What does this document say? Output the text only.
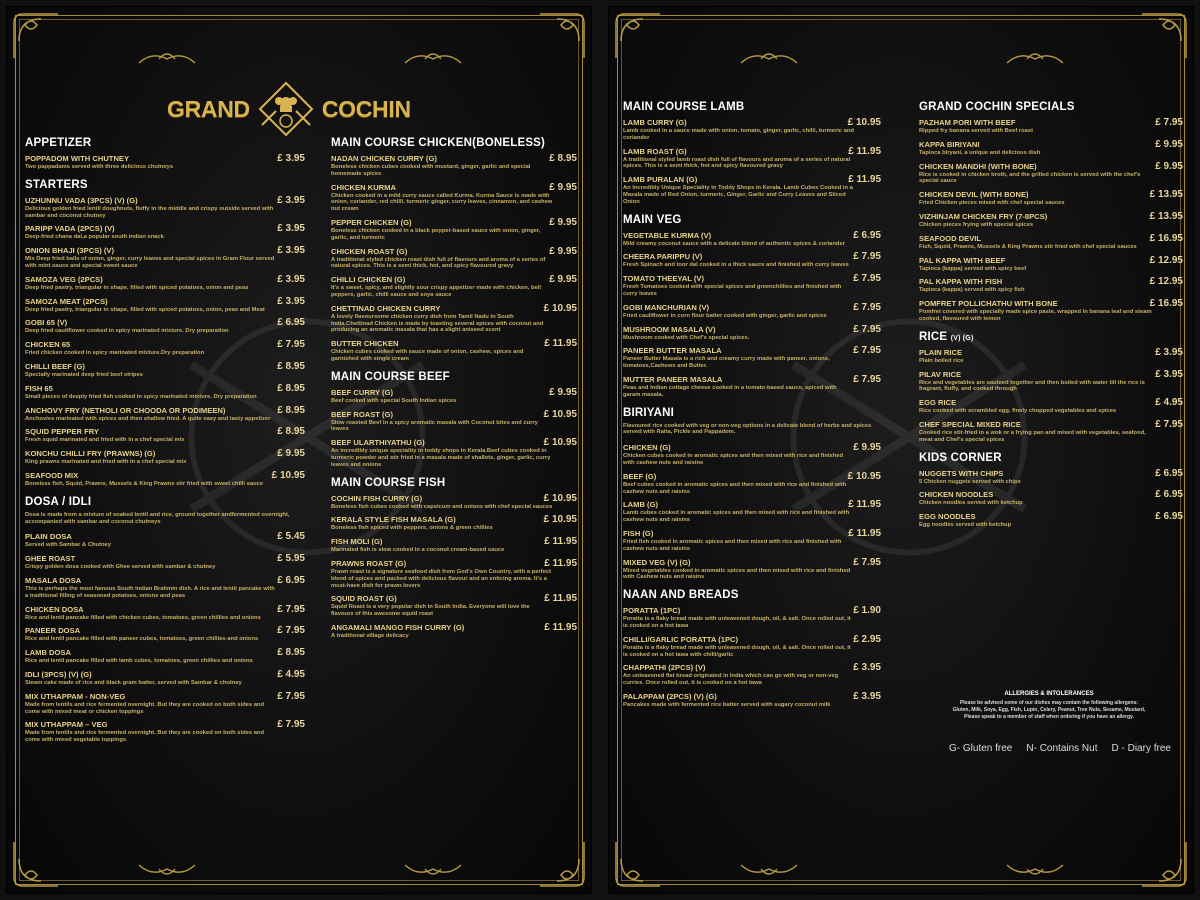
GRAND	COCHIN
APPETIZER
POPPADOM WITH CHUTNEY	£ 3.95
Two pappadams served with three delicious chutneys
STARTERS
UZHUNNU VADA (3PCS) (V) (G)	£ 3.95
Delicious golden fried lentil doughnuts, fluffy in the middle and crispy outside served with sambar and coconut chutney
PARIPP VADA (2PCS) (V)	£ 3.95
Deep-fried chana dal,a popular south indian snack
ONION BHAJI (3PCS) (V)	£ 3.95
Mix Deep fried balls of onion, ginger, curry leaves and special spices in Gram Flour served with mint sauce and special sweet sauce
SAMOZA VEG (2PCS)	£ 3.95
Deep fried pastry, triangular in shape, filled with spiced potatoes, onion and peas
SAMOZA MEAT (2PCS)	£ 3.95
Deep fried pastry, triangular in shape, filled with spiced potatoes, onion, peas and Meat
GOBI 65 (V)	£ 6.95
Deep fried cauliflower cooked in spicy marinated mixture. Dry preparation
CHICKEN 65	£ 7.95
Fried chicken cooked in spicy marinated mixture.Dry preparation
CHILLI BEEF (G)	£ 8.95
Specially marinated deep fried beef stripes
FISH 65	£ 8.95
Small pieces of deeply fried fish cooked in spicy marinated mixture. Dry preparation
ANCHOVY FRY (NETHOLI OR CHOODA OR PODIMEEN)	£ 8.95
Anchovies marinated with spices and then shallow fried. A quite easy and tasty appetizer
SQUID PEPPER FRY	£ 8.95
Fresh squid marinated and fried with in a chef special mix
KONCHU CHILLI FRY (PRAWNS) (G)	£ 9.95
King prawns marinated and fried with in a chef special mix
SEAFOOD MIX	£ 10.95
Boneless fish, Squid, Prawns, Mussels & King Prawns stir fried with sweet chilli sauce
DOSA / IDLI
Dosa is made from a mixture of soaked lentil and rice, ground together andfermented overnight, accompanied with sambar and coconut chutneys
PLAIN DOSA	£ 5.45
Served with Sambar & Chutney
GHEE ROAST	£ 5.95
Crispy golden dosa cooked with Ghee served with sambar & chutney
MASALA DOSA	£ 6.95
This is perhaps the most famous South Indian Brahmin dish. A rice and lentil pancake with a traditional filling of seasoned potatoes, onions and peas
CHICKEN DOSA	£ 7.95
Rice and lentil pancake filled with chicken cubes, tomatoes, green chillies and onions
PANEER DOSA	£ 7.95
Rice and lentil pancake filled with paneer cubes, tomatoes, green chillies and onions
LAMB DOSA	£ 8.95
Rice and lentil pancake filled with lamb cubes, tomatoes, green chillies and onions
IDLI (3PCS) (V) (G)	£ 4.95
Steam cake made of rice and black gram batter, served with Sambar & chutney
MIX UTHAPPAM - NON-VEG	£ 7.95
Made from lentils and rice fermented overnight. But they are cooked on both sides and come with mixed meat or chicken toppings
MIX UTHAPPAM – VEG	£ 7.95
Made from lentils and rice fermented overnight. But they are cooked on both sides and come with mixed vegetable toppings
MAIN COURSE CHICKEN(BONELESS)
NADAN CHICKEN CURRY (G)	£ 8.95
Boneless chicken cubes cooked with mustard, ginger, garlic and special homemade spices
CHICKEN KURMA	£ 9.95
Chicken cooked in a mild curry sauce called Kurma. Kurma Sauce is made with onion, coriander, red chilli, turmeric ginger, curry leaves, cinnamon, and cashew nut cream
PEPPER CHICKEN (G)	£ 9.95
Boneless chicken cooked in a black pepper-based sauce with onion, ginger, garlic, and turmeric
CHICKEN ROAST (G)	£ 9.95
A traditional styled chicken roast dish full of flavours and aroma of a series of natural spices. This is a semi thick, hot, and spicy flavoured gravy
CHILLI CHICKEN (G)	£ 9.95
It's a sweet, spicy, and slightly sour crispy appetizer made with chicken, bell peppers, garlic, chilli sauce and soya sauce
CHETTINAD CHICKEN CURRY	£ 10.95
A lovely flavoursome chicken curry dish from Tamil Nadu in South India.Chettinad Chicken is made by toasting several spices with coconut and producing an aromatic masala that has a slight aniseed scent
BUTTER CHICKEN	£ 11.95
Chicken cubes cooked with sauce made of onion, cashew, spices and garnished with single cream
MAIN COURSE BEEF
BEEF CURRY (G)	£ 9.95
Beef cooked with special South Indian spices
BEEF ROAST (G)	£ 10.95
Slow roasted Beef in a spicy aromatic masala with Coconut bites and curry leaves
BEEF ULARTHIYATHU (G)	£ 10.95
An incredibly unique speciality in toddy shops in Kerala.Beef cubes cooked in turmeric powder and stir fried in a masala made of shallots, ginger, garlic, curry leaves and onions
MAIN COURSE FISH
COCHIN FISH CURRY (G)	£ 10.95
Boneless fish cubes cooked with capsicum and onions with chef special sauces
KERALA STYLE FISH MASALA (G)	£ 10.95
Boneless fish spiced with peppers, onions & green chillies
FISH MOLI (G)	£ 11.95
Marinated fish is slow cooked in a coconut cream-based sauce
PRAWNS ROAST (G)	£ 11.95
Prawn roast is a signature seafood dish from God's Own Country, with a perfect blend of spices and packed with delicious flavour and an enticing aroma. It's a must-have dish for prawn lovers
SQUID ROAST (G)	£ 11.95
Squid Roast is a very popular dish in South India. Everyone will love the flavours of this awesome squid roast
ANGAMALI MANGO FISH CURRY (G)	£ 11.95
A traditional village delicacy
MAIN COURSE LAMB
LAMB CURRY (G)	£ 10.95
Lamb cooked in a sauce made with onion, tomato, ginger, garlic, chilli, turmeric and coriander
LAMB ROAST (G)	£ 11.95
A traditional styled lamb roast dish full of flavours and aroma of a series of natural spices. This is a semi thick, hot and spicy flavoured gravy
LAMB PURALAN (G)	£ 11.95
An Incredibly Unique Speciality in Toddy Shops in Kerala. Lamb Cubes Cooked in a Masala made of Red Onion, turmeric, Ginger, Garlic and Curry Leaves and Sliced Onion
MAIN VEG
VEGETABLE KURMA (V)	£ 6.95
Mild creamy coconut sauce with a delicate blend of authentic spices & coriander
CHEERA PARIPPU (V)	£ 7.95
Fresh Spinach and toor dal cooked in a thick sauce and finished with curry leaves
TOMATO THEEYAL (V)	£ 7.95
Fresh Tomatoes cooked with special spices and greenchillies and finished with curry leaves
GOBI MANCHURIAN (V)	£ 7.95
Fried cauliflower in corn flour batter cooked with ginger, garlic and spices
MUSHROOM MASALA (V)	£ 7.95
Mushroom cooked with Chef's special spices.
PANEER BUTTER MASALA	£ 7.95
Paneer Butter Masala is a rich and creamy curry made with paneer, onions, tomatoes,Cashews and Butter.
MUTTER PANEER MASALA	£ 7.95
Peas and Indian cottage cheese cooked in a tomato-based sauce, spiced with garam masala.
BIRIYANI
Flavoured rice cooked with veg or non-veg options in a delicate blend of herbs and spices served with Raita, Pickle and Pappadom.
CHICKEN (G)	£ 9.95
Chicken cubes cooked in aromatic spices and then mixed with rice and finished with cashew nuts and raisins
BEEF (G)	£ 10.95
Beef cubes cooked in aromatic spices and then mixed with rice and finished with cashew nuts and raisins
LAMB (G)	£ 11.95
Lamb cubes cooked in aromatic spices and then mixed with rice and finished with cashew nuts and raisins
FISH (G)	£ 11.95
Fried fish cooked in aromatic spices and then mixed with rice and finished with cashew nuts and raisins
MIXED VEG (V) (G)	£ 7.95
Mixed vegetables cooked in aromatic spices and then mixed with rice and finished with Cashew nuts and raisins
NAAN AND BREADS
PORATTA (1PC)	£ 1.90
Poratta is a flaky bread made with unleavened dough, oil, & salt. Once rolled out, it is cooked on a hot tawa
CHILLI/GARLIC PORATTA (1PC)	£ 2.95
Poratta is a flaky bread made with unleavened dough, oil, & salt. Once rolled out, it is cooked on a hot tawa with chilli/garlic
CHAPPATHI (2PCS) (V)	£ 3.95
An unleavened flat bread originated in India which can go with veg or non-veg curries. Once rolled out, it is cooked on a hot tawa
PALAPPAM (2PCS) (V) (G)	£ 3.95
Pancakes made with fermented rice batter served with sugary coconut milk
GRAND COCHIN SPECIALS
PAZHAM PORI WITH BEEF	£ 7.95
Ripped fry banana served with Beef roast
KAPPA BIRIYANI	£ 9.95
Tapioca biryani, a unique and delicious dish
CHICKEN MANDHI (WITH BONE)	£ 9.95
Rice is cooked in chicken broth, and the grilled chicken is served with the chef's special sauce
CHICKEN DEVIL (WITH BONE)	£ 13.95
Fried Chicken pieces mixed with chef special sauces
VIZHINJAM CHICKEN FRY (7-8PCS)	£ 13.95
Chicken pieces frying with special spices
SEAFOOD DEVIL	£ 16.95
Fish, Squid, Prawns, Mussels & King Prawns stir fried with chef special sauces
PAL KAPPA WITH BEEF	£ 12.95
Tapioca (kappa) served with spicy beef
PAL KAPPA WITH FISH	£ 12.95
Tapioca (kappa) served with spicy fish
POMFRET POLLICHATHU WITH BONE	£ 16.95
Pomfret covered with specially made spice paste, wrapped in banana leaf and steam cooked, flavoured with lemon
RICE (V) (G)
PLAIN RICE	£ 3.95
Plain boiled rice
PILAV RICE	£ 3.95
Rice and vegetables are sauteed together and then boiled with water till the rice is fragrant, fluffy, and cooked through
EGG RICE	£ 4.95
Rice cooked with scrambled egg, finely chopped vegetables and spices
CHEF SPECIAL MIXED RICE	£ 7.95
Cooked rice stir-fried in a wok or a frying pan and mixed with vegetables, seafood, meat and Chef's special spices
KIDS CORNER
NUGGETS WITH CHIPS	£ 6.95
5 Chicken nuggets served with chips
CHICKEN NOODLES	£ 6.95
Chicken noodles served with ketchup
EGG NOODLES	£ 6.95
Egg noodles served with ketchup
ALLERGIES & INTOLERANCES

Please be advised some of our dishes may contain the following allergens:

Gluten, Milk, Soya, Egg, Fish, Lupin, Celery, Peanut, Tree Nuts, Sesame, Mustard,

Please speak to a member of staff when ordering if you have an allergy.

G- Gluten free N- Contains Nut D - Diary free
